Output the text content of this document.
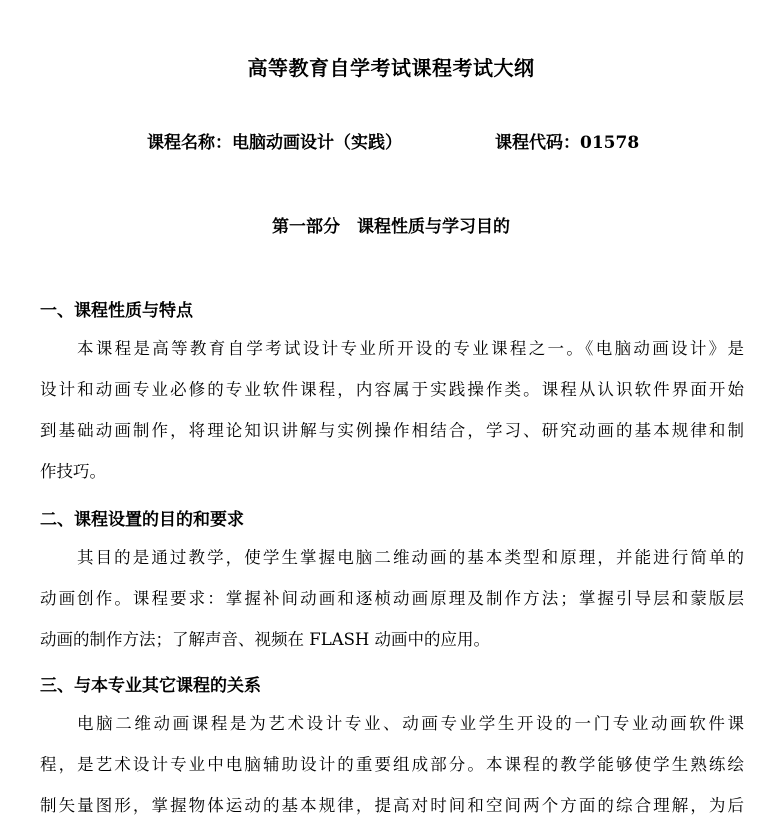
高等教育自学考试课程考试大纲
课程名称：电脑动画设计（实践）	课程代码：01578
第一部分　课程性质与学习目的
一、课程性质与特点
本课程是高等教育自学考试设计专业所开设的专业课程之一。《电脑动画设计》是
设计和动画专业必修的专业软件课程，内容属于实践操作类。课程从认识软件界面开始
到基础动画制作，将理论知识讲解与实例操作相结合，学习、研究动画的基本规律和制
作技巧。
二、课程设置的目的和要求
其目的是通过教学，使学生掌握电脑二维动画的基本类型和原理，并能进行简单的
动画创作。课程要求：掌握补间动画和逐桢动画原理及制作方法；掌握引导层和蒙版层
动画的制作方法；了解声音、视频在 FLASH 动画中的应用。
三、与本专业其它课程的关系
电脑二维动画课程是为艺术设计专业、动画专业学生开设的一门专业动画软件课
程，是艺术设计专业中电脑辅助设计的重要组成部分。本课程的教学能够使学生熟练绘
制矢量图形，掌握物体运动的基本规律，提高对时间和空间两个方面的综合理解，为后
